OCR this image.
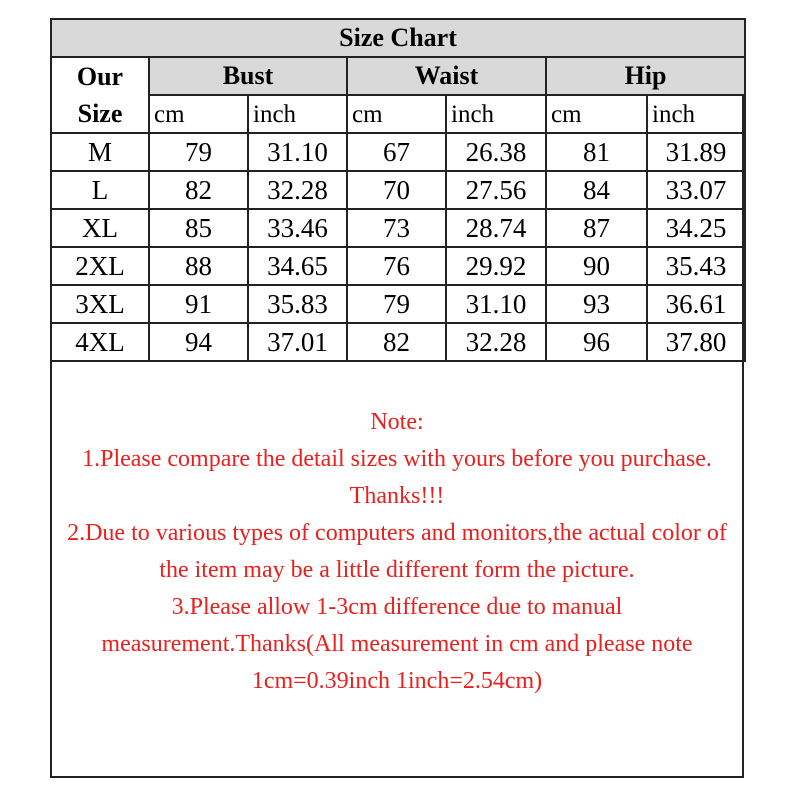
Size Chart						
Our
Size	Bust		Waist		Hip	
	cm	inch	cm	inch	cm	inch
M	79	31.10	67	26.38	81	31.89
L	82	32.28	70	27.56	84	33.07
XL	85	33.46	73	28.74	87	34.25
2XL	88	34.65	76	29.92	90	35.43
3XL	91	35.83	79	31.10	93	36.61
4XL	94	37.01	82	32.28	96	37.80

Note:

1.Please compare the detail sizes with yours before you purchase. Thanks!!!

2.Due to various types of computers and monitors,the actual color of the item may be a little different form the picture.

3.Please allow 1-3cm difference due to manual measurement.Thanks(All measurement in cm and please note 1cm=0.39inch 1inch=2.54cm)
